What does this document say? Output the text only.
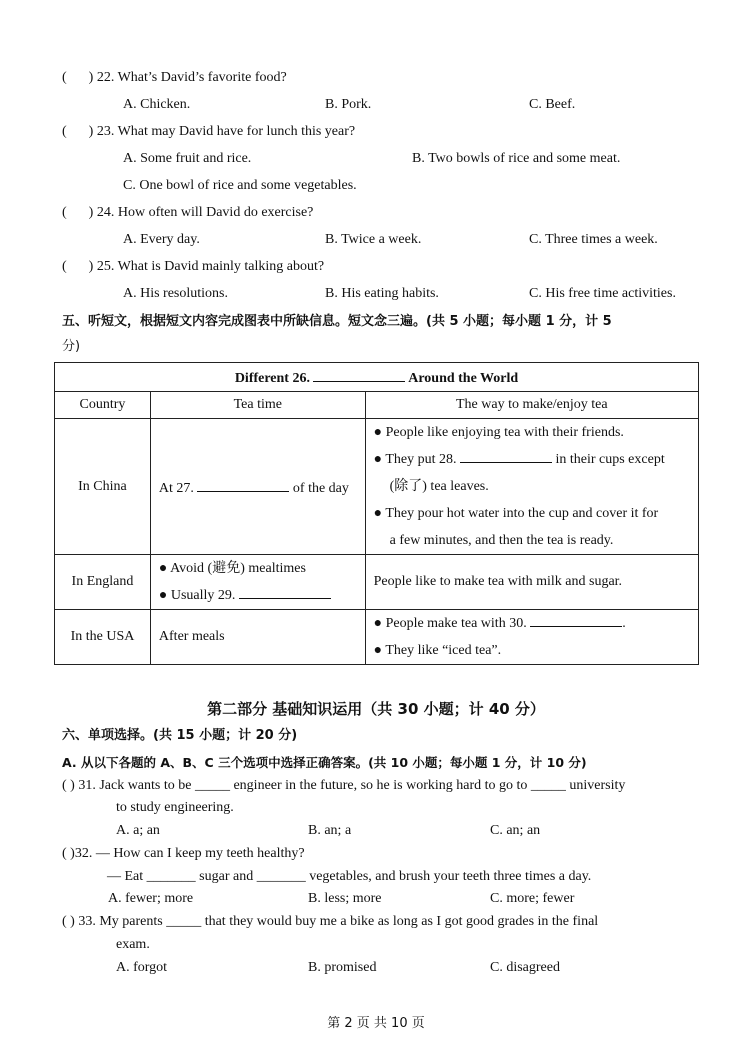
( ) 22. What’s David’s favorite food?
A. Chicken.	B. Pork.	C. Beef.
( ) 23. What may David have for lunch this year?
A. Some fruit and rice.	B. Two bowls of rice and some meat.
C. One bowl of rice and some vegetables.
( ) 24. How often will David do exercise?
A. Every day.	B. Twice a week.	C. Three times a week.
( ) 25. What is David mainly talking about?
A. His resolutions.	B. His eating habits.	C. His free time activities.
五、听短文，根据短文内容完成图表中所缺信息。短文念三遍。(共 5 小题；每小题 1 分，计 5
分)
Different 26. Around the World		
Country	Tea time	The way to make/enjoy tea
In China	At 27. of the day	● People like enjoying tea with their friends.
● They put 28. in their cups except
(除了) tea leaves.
● They pour hot water into the cup and cover it for
a few minutes, and then the tea is ready.

In England	● Avoid (避免) mealtimes
● Usually 29.	People like to make tea with milk and sugar.
In the USA	After meals	● People make tea with 30. .
● They like “iced tea”.
第二部分 基础知识运用（共 30 小题；计 40 分）
六、单项选择。(共 15 小题；计 20 分)
A. 从以下各题的 A、B、C 三个选项中选择正确答案。(共 10 小题；每小题 1 分，计 10 分)
( ) 31. Jack wants to be _____ engineer in the future, so he is working hard to go to _____ university
to study engineering.
A. a; an	B. an; a	C. an; an
( )32. — How can I keep my teeth healthy?
— Eat _______ sugar and _______ vegetables, and brush your teeth three times a day.
A. fewer; more	B. less; more	C. more; fewer
( ) 33. My parents _____ that they would buy me a bike as long as I got good grades in the final
exam.
A. forgot	B. promised	C. disagreed
第 2 页 共 10 页
